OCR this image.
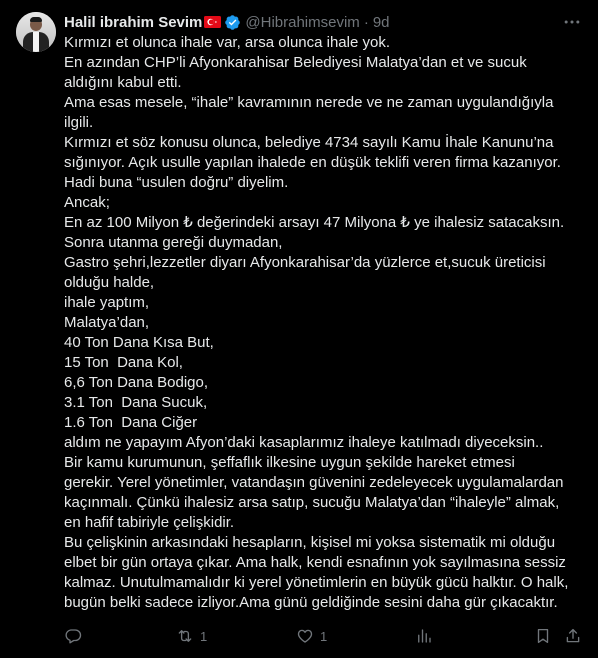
Halil ibrahim Sevim	@Hibrahimsevim · 9d
Kırmızı et olunca ihale var, arsa olunca ihale yok.
En azından CHP’li Afyonkarahisar Belediyesi Malatya’dan et ve sucuk
aldığını kabul etti.
Ama esas mesele, “ihale” kavramının nerede ve ne zaman uygulandığıyla
ilgili.
Kırmızı et söz konusu olunca, belediye 4734 sayılı Kamu İhale Kanunu’na
sığınıyor. Açık usulle yapılan ihalede en düşük teklifi veren firma kazanıyor.
Hadi buna “usulen doğru” diyelim.
Ancak;
En az 100 Milyon ₺ değerindeki arsayı 47 Milyona ₺ ye ihalesiz satacaksın.
Sonra utanma gereği duymadan,
Gastro şehri,lezzetler diyarı Afyonkarahisar’da yüzlerce et,sucuk üreticisi
olduğu halde,
ihale yaptım,
Malatya’dan,
40 Ton Dana Kısa But,
15 Ton  Dana Kol,
6,6 Ton Dana Bodigo,
3.1 Ton  Dana Sucuk,
1.6 Ton  Dana Ciğer
aldım ne yapayım Afyon’daki kasaplarımız ihaleye katılmadı diyeceksin..
Bir kamu kurumunun, şeffaflık ilkesine uygun şekilde hareket etmesi
gerekir. Yerel yönetimler, vatandaşın güvenini zedeleyecek uygulamalardan
kaçınmalı. Çünkü ihalesiz arsa satıp, sucuğu Malatya’dan “ihaleyle” almak,
en hafif tabiriyle çelişkidir.
Bu çelişkinin arkasındaki hesapların, kişisel mi yoksa sistematik mi olduğu
elbet bir gün ortaya çıkar. Ama halk, kendi esnafının yok sayılmasına sessiz
kalmaz. Unutulmamalıdır ki yerel yönetimlerin en büyük gücü halktır. O halk,
bugün belki sadece izliyor.Ama günü geldiğinde sesini daha gür çıkacaktır.
1	1
